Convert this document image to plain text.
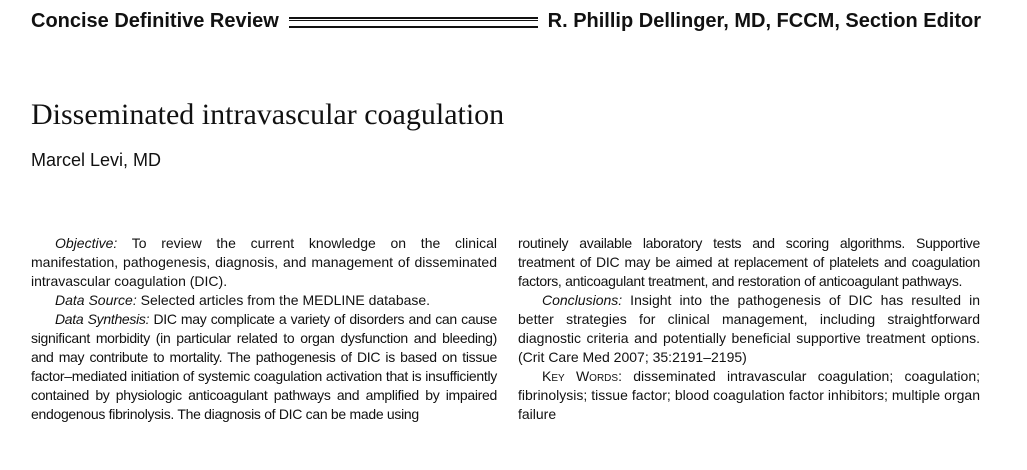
Concise Definitive Review	R. Phillip Dellinger, MD, FCCM, Section Editor
Disseminated intravascular coagulation
Marcel Levi, MD

Objective: To review the current knowledge on the clinical manifestation, pathogenesis, diagnosis, and management of disseminated intravascular coagulation (DIC).

Data Source: Selected articles from the MEDLINE database.

Data Synthesis: DIC may complicate a variety of disorders and can cause significant morbidity (in particular related to organ dysfunction and bleeding) and may contribute to mortality. The pathogenesis of DIC is based on tissue factor–mediated initiation of systemic coagulation activation that is insufficiently contained by physiologic anticoagulant pathways and amplified by impaired endogenous fibrinolysis. The diagnosis of DIC can be made using

routinely available laboratory tests and scoring algorithms. Supportive treatment of DIC may be aimed at replacement of platelets and coagulation factors, anticoagulant treatment, and restoration of anticoagulant pathways.

Conclusions: Insight into the pathogenesis of DIC has resulted in better strategies for clinical management, including straightforward diagnostic criteria and potentially beneficial supportive treatment options. (Crit Care Med 2007; 35:2191–2195)

Key Words: disseminated intravascular coagulation; coagulation; fibrinolysis; tissue factor; blood coagulation factor inhibitors; multiple organ failure
